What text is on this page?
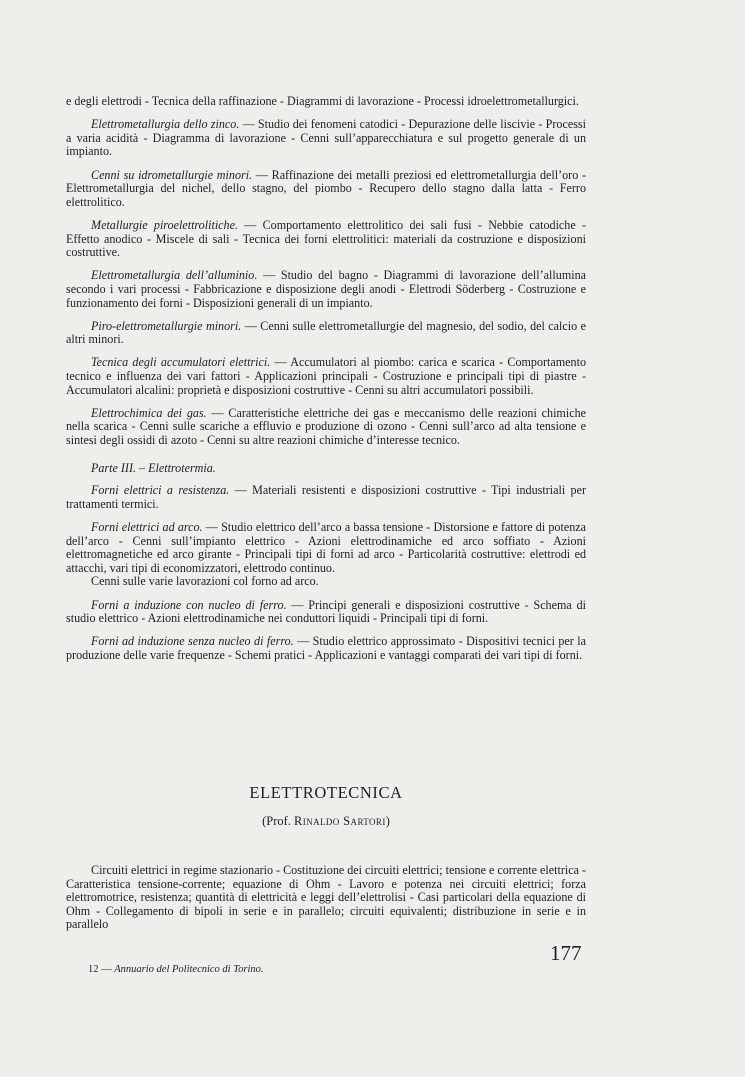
e degli elettrodi - Tecnica della raffinazione - Diagrammi di lavorazione - Processi idroelettrometallurgici.

Elettrometallurgia dello zinco. — Studio dei fenomeni catodici - Depurazione delle liscivie - Processi a varia acidità - Diagramma di lavorazione - Cenni sull’apparecchiatura e sul progetto generale di un impianto.

Cenni su idrometallurgie minori. — Raffinazione dei metalli preziosi ed elettrometallurgia dell’oro - Elettrometallurgia del nichel, dello stagno, del piombo - Recupero dello stagno dalla latta - Ferro elettrolitico.

Metallurgie piroelettrolitiche. — Comportamento elettrolitico dei sali fusi - Nebbie catodiche - Effetto anodico - Miscele di sali - Tecnica dei forni elettrolitici: materiali da costruzione e disposizioni costruttive.

Elettrometallurgia dell’alluminio. — Studio del bagno - Diagrammi di lavorazione dell’allumina secondo i vari processi - Fabbricazione e disposizione degli anodi - Elettrodi Söderberg - Costruzione e funzionamento dei forni - Disposizioni generali di un impianto.

Piro-elettrometallurgie minori. — Cenni sulle elettrometallurgie del magnesio, del sodio, del calcio e altri minori.

Tecnica degli accumulatori elettrici. — Accumulatori al piombo: carica e scarica - Comportamento tecnico e influenza dei vari fattori - Applicazioni principali - Costruzione e principali tipi di piastre - Accumulatori alcalini: proprietà e disposizioni costruttive - Cenni su altri accumulatori possibili.

Elettrochimica dei gas. — Caratteristiche elettriche dei gas e meccanismo delle reazioni chimiche nella scarica - Cenni sulle scariche a effluvio e produzione di ozono - Cenni sull’arco ad alta tensione e sintesi degli ossidi di azoto - Cenni su altre reazioni chimiche d’interesse tecnico.

Parte III. – Elettrotermia.

Forni elettrici a resistenza. — Materiali resistenti e disposizioni costruttive - Tipi industriali per trattamenti termici.

Forni elettrici ad arco. — Studio elettrico dell’arco a bassa tensione - Distorsione e fattore di potenza dell’arco - Cenni sull’impianto elettrico - Azioni elettrodinamiche ed arco soffiato - Azioni elettromagnetiche ed arco girante - Principali tipi di forni ad arco - Particolarità costruttive: elettrodi ed attacchi, vari tipi di economizzatori, elettrodo continuo.

Cenni sulle varie lavorazioni col forno ad arco.

Forni a induzione con nucleo di ferro. — Principi generali e disposizioni costruttive - Schema di studio elettrico - Azioni elettrodinamiche nei conduttori liquidi - Principali tipi di forni.

Forni ad induzione senza nucleo di ferro. — Studio elettrico approssimato - Dispositivi tecnici per la produzione delle varie frequenze - Schemi pratici - Applicazioni e vantaggi comparati dei vari tipi di forni.

ELETTROTECNICA
(Prof. Rinaldo Sartori)

Circuiti elettrici in regime stazionario - Costituzione dei circuiti elettrici; tensione e corrente elettrica - Caratteristica tensione-corrente; equazione di Ohm - Lavoro e potenza nei circuiti elettrici; forza elettromotrice, resistenza; quantità di elettricità e leggi dell’elettrolisi - Casi particolari della equazione di Ohm - Collegamento di bipoli in serie e in parallelo; circuiti equivalenti; distribuzione in serie e in parallelo

177
12 — Annuario del Politecnico di Torino.
